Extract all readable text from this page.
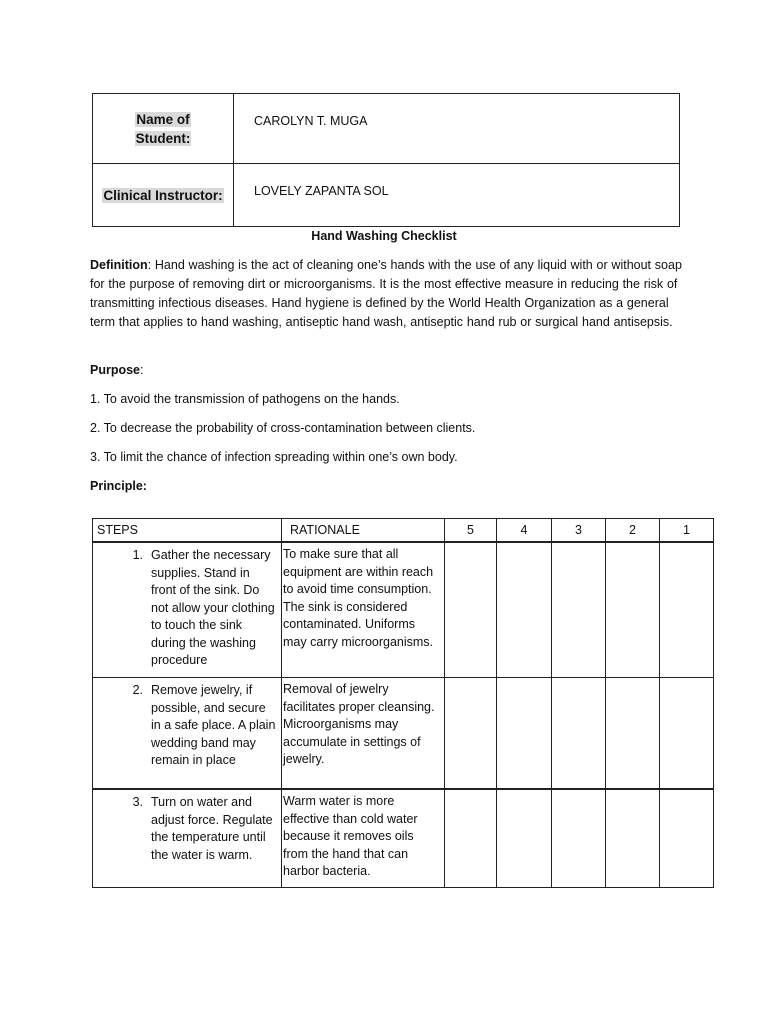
Name of
Student:	CAROLYN T. MUGA

Clinical Instructor:	LOVELY ZAPANTA SOL
Hand Washing Checklist
Definition: Hand washing is the act of cleaning one’s hands with the use of any liquid with or without soap for the purpose of removing dirt or microorganisms. It is the most effective measure in reducing the risk of transmitting infectious diseases. Hand hygiene is defined by the World Health Organization as a general term that applies to hand washing, antiseptic hand wash, antiseptic hand rub or surgical hand antisepsis.
Purpose:
1. To avoid the transmission of pathogens on the hands.
2. To decrease the probability of cross-contamination between clients.
3. To limit the chance of infection spreading within one’s own body.
Principle:
STEPS	RATIONALE	5	4	3	2	1

1. Gather the necessary supplies. Stand in front of the sink. Do not allow your clothing to touch the sink during the washing procedure	To make sure that all equipment are within reach to avoid time consumption. The sink is considered contaminated. Uniforms may carry microorganisms.					

2. Remove jewelry, if possible, and secure in a safe place. A plain wedding band may remain in place	Removal of jewelry facilitates proper cleansing. Microorganisms may accumulate in settings of jewelry.					

3. Turn on water and adjust force. Regulate the temperature until the water is warm.	Warm water is more effective than cold water because it removes oils from the hand that can harbor bacteria.					
